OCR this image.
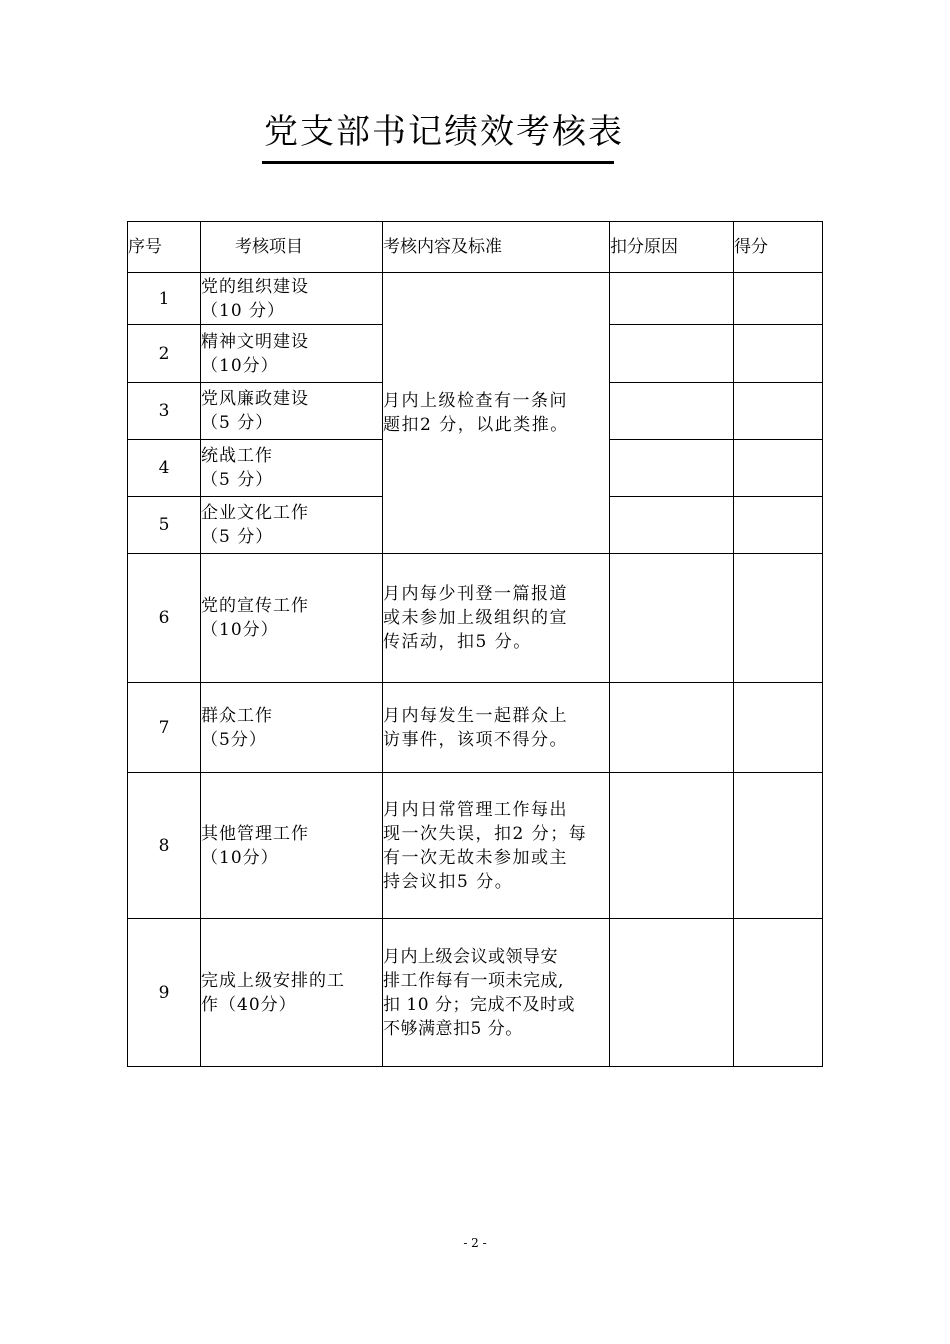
党支部书记绩效考核表
序号	考核项目	考核内容及标准	扣分原因	得分
1	党的组织建设
（10 分）	月内上级检查有一条问
题扣2 分，以此类推。		

2	精神文明建设
（10分）			

3	党风廉政建设
（5 分）			

4	统战工作
（5 分）			

5	企业文化工作
（5 分）			

6	党的宣传工作
（10分）	月内每少刊登一篇报道
或未参加上级组织的宣
传活动，扣5 分。		

7	群众工作
（5分）	月内每发生一起群众上
访事件，该项不得分。		

8	其他管理工作
（10分）	月内日常管理工作每出
现一次失误，扣2 分；每
有一次无故未参加或主
持会议扣5 分。		

9	完成上级安排的工
作（40分）	月内上级会议或领导安
排工作每有一项未完成,
扣 10 分；完成不及时或
不够满意扣5 分。		

- 2 -
